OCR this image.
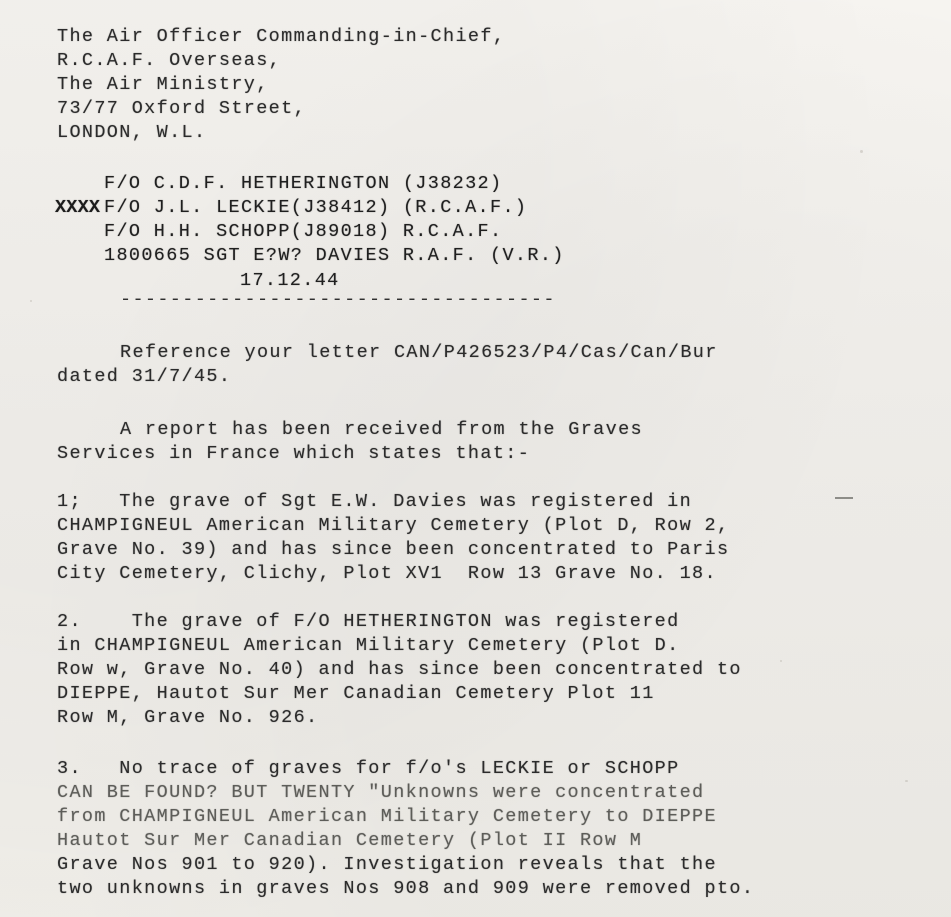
The Air Officer Commanding-in-Chief,
R.C.A.F. Overseas,
The Air Ministry,
73/77 Oxford Street,
LONDON, W.L.
XXXX
F/O C.D.F. HETHERINGTON (J38232)
F/O J.L. LECKIE(J38412) (R.C.A.F.)
F/O H.H. SCHOPP(J89018) R.C.A.F.
1800665 SGT E?W? DAVIES R.A.F. (V.R.)
17.12.44
-----------------------------------
Reference your letter CAN/P426523/P4/Cas/Can/Bur
dated 31/7/45.
A report has been received from the Graves
Services in France which states that:-
1;   The grave of Sgt E.W. Davies was registered in
CHAMPIGNEUL American Military Cemetery (Plot D, Row 2,
Grave No. 39) and has since been concentrated to Paris
City Cemetery, Clichy, Plot XV1  Row 13 Grave No. 18.
2.    The grave of F/O HETHERINGTON was registered
in CHAMPIGNEUL American Military Cemetery (Plot D.
Row w, Grave No. 40) and has since been concentrated to
DIEPPE, Hautot Sur Mer Canadian Cemetery Plot 11
Row M, Grave No. 926.
3.   No trace of graves for f/o's LECKIE or SCHOPP
CAN BE FOUND? BUT TWENTY "Unknowns were concentrated
from CHAMPIGNEUL American Military Cemetery to DIEPPE
Hautot Sur Mer Canadian Cemetery (Plot II Row M
Grave Nos 901 to 920). Investigation reveals that the
two unknowns in graves Nos 908 and 909 were removed pto.
